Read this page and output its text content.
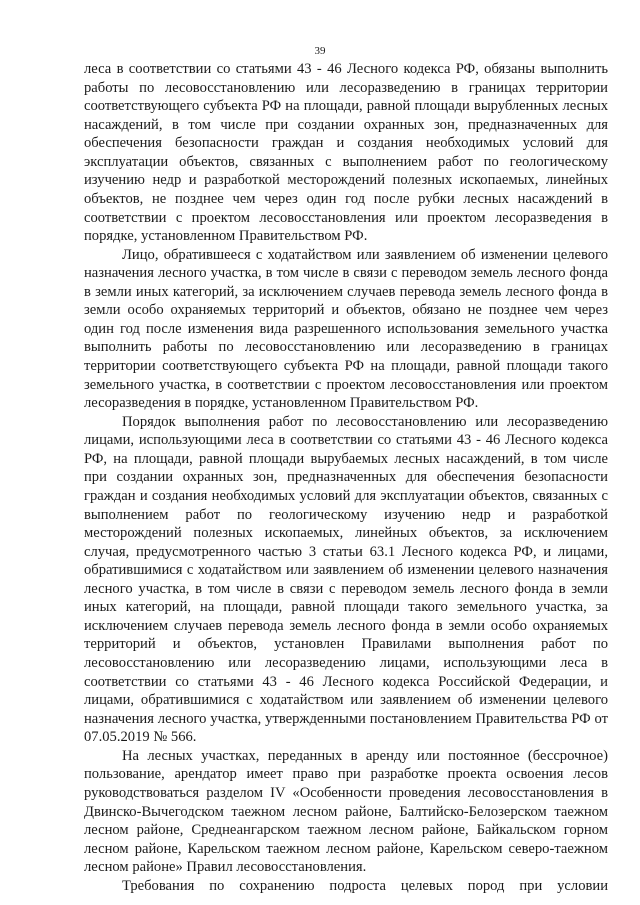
39

леса в соответствии со статьями 43 - 46 Лесного кодекса РФ, обязаны выполнить работы по лесовосстановлению или лесоразведению в границах территории соответствующего субъекта РФ на площади, равной площади вырубленных лесных насаждений, в том числе при создании охранных зон, предназначенных для обеспечения безопасности граждан и создания необходимых условий для эксплуатации объектов, связанных с выполнением работ по геологическому изучению недр и разработкой месторождений полезных ископаемых, линейных объектов, не позднее чем через один год после рубки лесных насаждений в соответствии с проектом лесовосстановления или проектом лесоразведения в порядке, установленном Правительством РФ.

Лицо, обратившееся с ходатайством или заявлением об изменении целевого назначения лесного участка, в том числе в связи с переводом земель лесного фонда в земли иных категорий, за исключением случаев перевода земель лесного фонда в земли особо охраняемых территорий и объектов, обязано не позднее чем через один год после изменения вида разрешенного использования земельного участка выполнить работы по лесовосстановлению или лесоразведению в границах территории соответствующего субъекта РФ на площади, равной площади такого земельного участка, в соответствии с проектом лесовосстановления или проектом лесоразведения в порядке, установленном Правительством РФ.

Порядок выполнения работ по лесовосстановлению или лесоразведению лицами, использующими леса в соответствии со статьями 43 - 46 Лесного кодекса РФ, на площади, равной площади вырубаемых лесных насаждений, в том числе при создании охранных зон, предназначенных для обеспечения безопасности граждан и создания необходимых условий для эксплуатации объектов, связанных с выполнением работ по геологическому изучению недр и разработкой месторождений полезных ископаемых, линейных объектов, за исключением случая, предусмотренного частью 3 статьи 63.1 Лесного кодекса РФ, и лицами, обратившимися с ходатайством или заявлением об изменении целевого назначения лесного участка, в том числе в связи с переводом земель лесного фонда в земли иных категорий, на площади, равной площади такого земельного участка, за исключением случаев перевода земель лесного фонда в земли особо охраняемых территорий и объектов, установлен Правилами выполнения работ по лесовосстановлению или лесоразведению лицами, использующими леса в соответствии со статьями 43 - 46 Лесного кодекса Российской Федерации, и лицами, обратившимися с ходатайством или заявлением об изменении целевого назначения лесного участка, утвержденными постановлением Правительства РФ от 07.05.2019 № 566.

На лесных участках, переданных в аренду или постоянное (бессрочное) пользование, арендатор имеет право при разработке проекта освоения лесов руководствоваться разделом IV «Особенности проведения лесовосстановления в Двинско-Вычегодском таежном лесном районе, Балтийско-Белозерском таежном лесном районе, Среднеангарском таежном лесном районе, Байкальском горном лесном районе, Карельском таежном лесном районе, Карельском северо-таежном лесном районе» Правил лесовосстановления.

Требования по сохранению подроста целевых пород при условии
